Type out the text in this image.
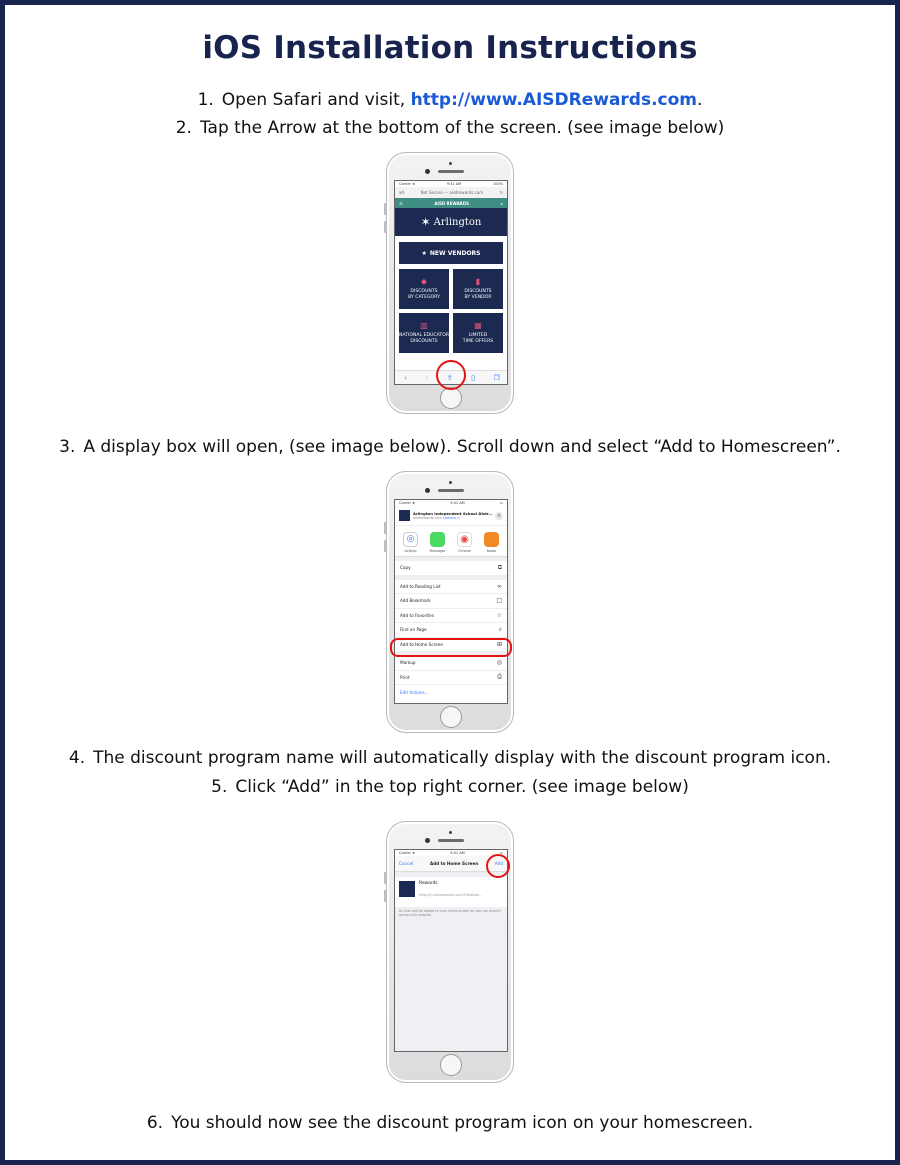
iOS Installation Instructions

1. Open Safari and visit, http://www.AISDRewards.com.

2. Tap the Arrow at the bottom of the screen. (see image below)

Carrier ★	9:41 AM	100%
aA	Not Secure — aisdrewards.com	↻
☰	AISD REWARDS	⌕
✶ Arlington
★ NEW VENDORS
◆
DISCOUNTS
BY CATEGORY
▮
DISCOUNTS
BY VENDOR
▥
NATIONAL EDUCATOR
DISCOUNTS
▦
LIMITED
TIME OFFERS
‹	›	⇪	▯	❐

3. A display box will open, (see image below). Scroll down and select “Add to Homescreen”.

Carrier ★	9:41 AM	▭
Arlington Independent School Distr...
aisdrewards.com Options >	×
◎
AirDrop	Messages
◉
Chrome	Books
Copy	⧉
Add to Reading List	∞
Add Bookmark	□
Add to Favorites	☆
Find on Page	⌕
Add to Home Screen	⊞
Markup	◎
Print	⎙
Edit Actions...

4. The discount program name will automatically display with the discount program icon.

5. Click “Add” in the top right corner. (see image below)

Carrier ★	9:41 AM	▭
Cancel	Add to Home Screen	Add
Rewards
http://m.aisdrewards.com/?desktop...
An icon will be added to your home screen so you can quickly access this website.

6. You should now see the discount program icon on your homescreen.
